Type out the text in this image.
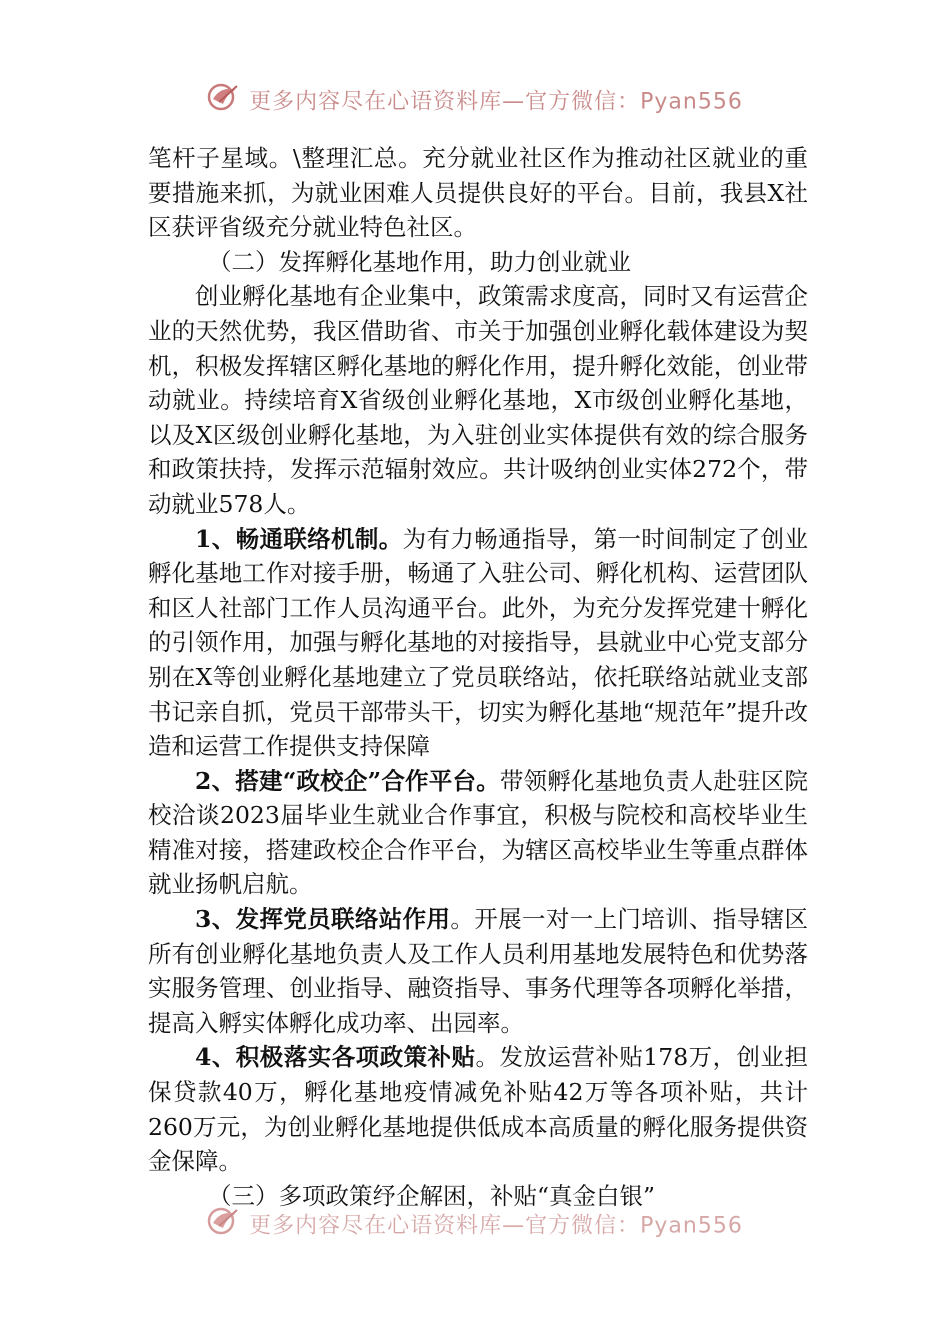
更多内容尽在心语资料库—官方微信：Pyan556

笔杆子星域。\整理汇总。充分就业社区作为推动社区就业的重要措施来抓，为就业困难人员提供良好的平台。目前，我县X社区获评省级充分就业特色社区。

（二）发挥孵化基地作用，助力创业就业

创业孵化基地有企业集中，政策需求度高，同时又有运营企业的天然优势，我区借助省、市关于加强创业孵化载体建设为契机，积极发挥辖区孵化基地的孵化作用，提升孵化效能，创业带动就业。持续培育X省级创业孵化基地，X市级创业孵化基地，以及X区级创业孵化基地，为入驻创业实体提供有效的综合服务和政策扶持，发挥示范辐射效应。共计吸纳创业实体272个，带动就业578人。

1、畅通联络机制。为有力畅通指导，第一时间制定了创业孵化基地工作对接手册，畅通了入驻公司、孵化机构、运营团队和区人社部门工作人员沟通平台。此外，为充分发挥党建十孵化的引领作用，加强与孵化基地的对接指导，县就业中心党支部分别在X等创业孵化基地建立了党员联络站，依托联络站就业支部书记亲自抓，党员干部带头干，切实为孵化基地“规范年”提升改造和运营工作提供支持保障

2、搭建“政校企”合作平台。带领孵化基地负责人赴驻区院校洽谈2023届毕业生就业合作事宜，积极与院校和高校毕业生精准对接，搭建政校企合作平台，为辖区高校毕业生等重点群体就业扬帆启航。

3、发挥党员联络站作用。开展一对一上门培训、指导辖区所有创业孵化基地负责人及工作人员利用基地发展特色和优势落实服务管理、创业指导、融资指导、事务代理等各项孵化举措，提高入孵实体孵化成功率、出园率。

4、积极落实各项政策补贴。发放运营补贴178万，创业担保贷款40万，孵化基地疫情减免补贴42万等各项补贴，共计260万元，为创业孵化基地提供低成本高质量的孵化服务提供资金保障。

（三）多项政策纾企解困，补贴“真金白银”

更多内容尽在心语资料库—官方微信：Pyan556
